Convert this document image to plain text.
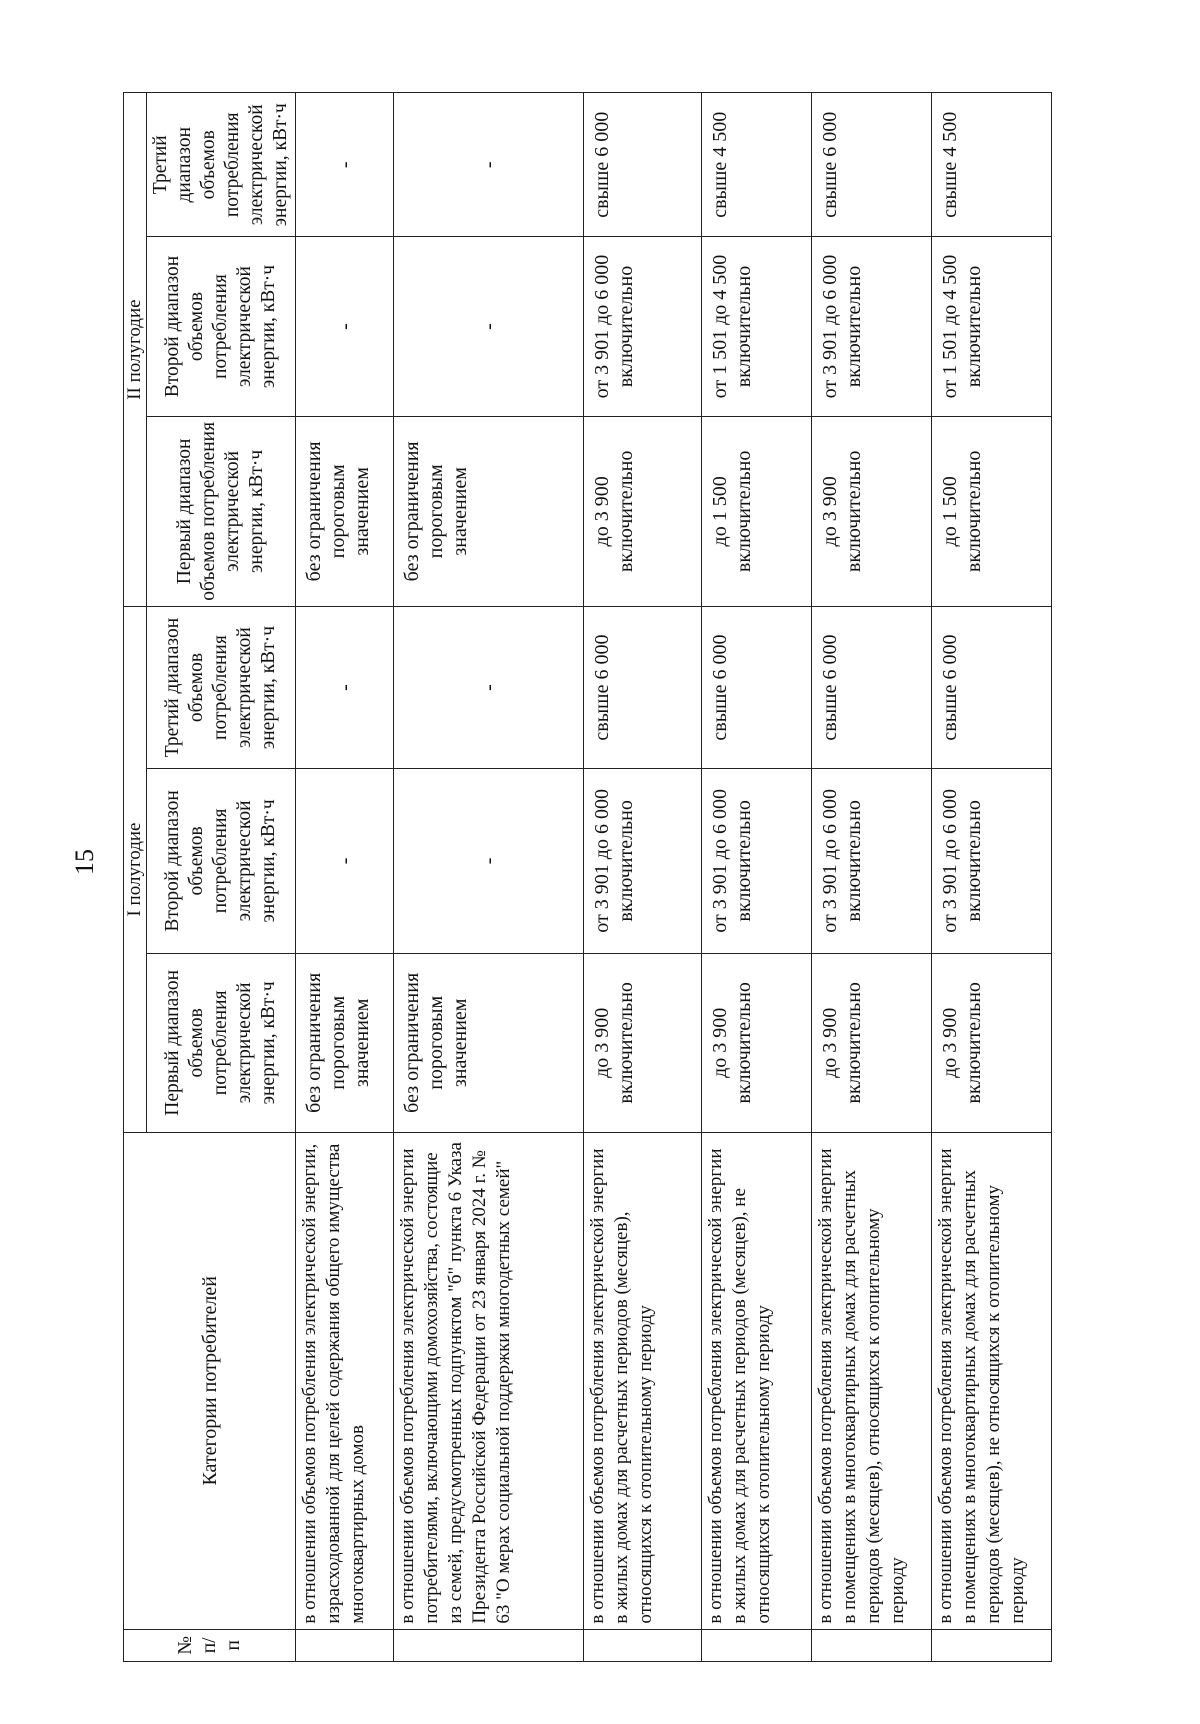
15
№ п/п	Категории потребителей	I полугодие			II полугодие		
		Первый диапазон объемов потребления электрической энергии, кВт·ч	Второй диапазон объемов потребления электрической энергии, кВт·ч	Третий диапазон объемов потребления электрической энергии, кВт·ч	Первый диапазон объемов потребления электрической энергии, кВт·ч	Второй диапазон объемов потребления электрической энергии, кВт·ч	Третий диапазон объемов потребления электрической энергии, кВт·ч
	в отношении объемов потребления электрической энергии, израсходованной для целей содержания общего имущества многоквартирных домов	без ограничения пороговым значением	-	-	без ограничения пороговым значением	-	-
	в отношении объемов потребления электрической энергии потребителями, включающими домохозяйства, состоящие из семей, предусмотренных подпунктом "б" пункта 6 Указа Президента Российской Федерации от 23 января 2024 г. № 63 "О мерах социальной поддержки многодетных семей"	без ограничения пороговым значением	-	-	без ограничения пороговым значением	-	-
	в отношении объемов потребления электрической энергии в жилых домах для расчетных периодов (месяцев), относящихся к отопительному периоду	до 3 900 включительно	от 3 901 до 6 000 включительно	свыше 6 000	до 3 900 включительно	от 3 901 до 6 000 включительно	свыше 6 000
	в отношении объемов потребления электрической энергии в жилых домах для расчетных периодов (месяцев), не относящихся к отопительному периоду	до 3 900 включительно	от 3 901 до 6 000 включительно	свыше 6 000	до 1 500 включительно	от 1 501 до 4 500 включительно	свыше 4 500
	в отношении объемов потребления электрической энергии в помещениях в многоквартирных домах для расчетных периодов (месяцев), относящихся к отопительному периоду	до 3 900 включительно	от 3 901 до 6 000 включительно	свыше 6 000	до 3 900 включительно	от 3 901 до 6 000 включительно	свыше 6 000
	в отношении объемов потребления электрической энергии в помещениях в многоквартирных домах для расчетных периодов (месяцев), не относящихся к отопительному периоду	до 3 900 включительно	от 3 901 до 6 000 включительно	свыше 6 000	до 1 500 включительно	от 1 501 до 4 500 включительно	свыше 4 500
